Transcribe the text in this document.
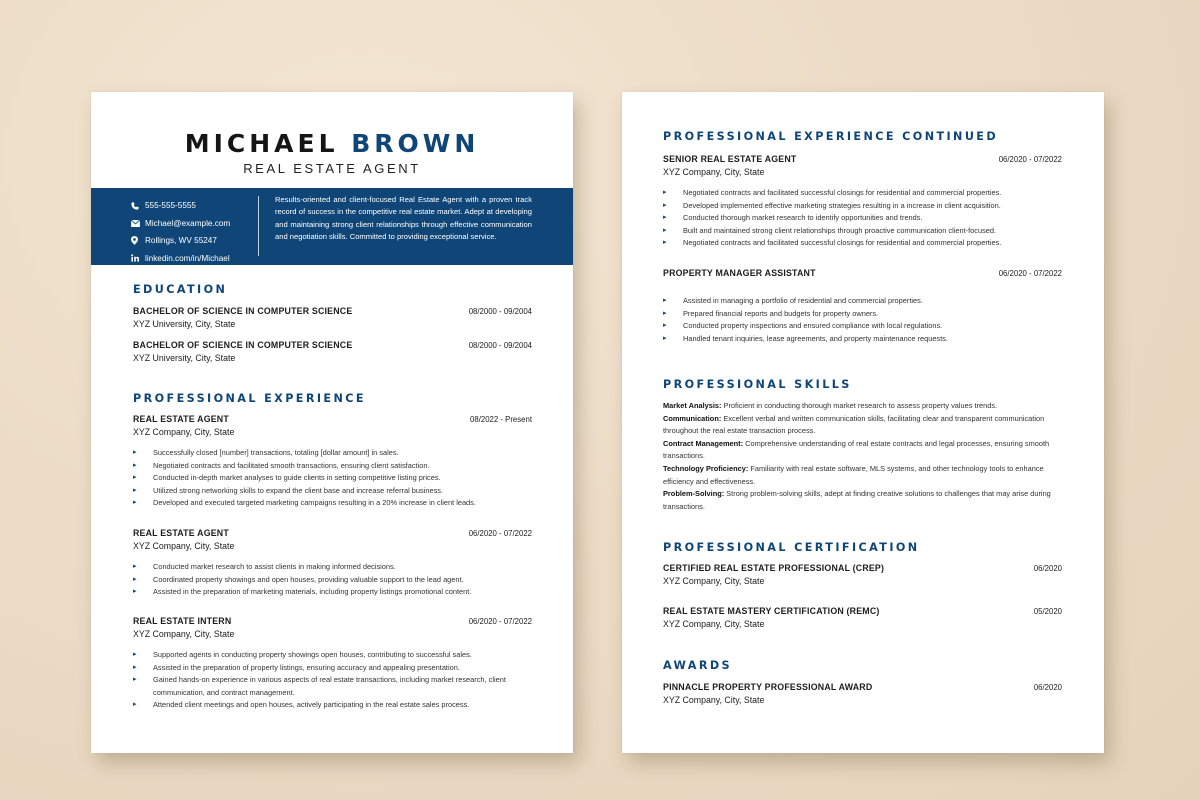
MICHAEL BROWN
REAL ESTATE AGENT
555-555-5555
Michael@example.com
Rollings, WV 55247
linkedin.com/in/Michael
Results-oriented and client-focused Real Estate Agent with a proven track record of success in the competitive real estate market. Adept at developing and maintaining strong client relationships through effective communication and negotiation skills. Committed to providing exceptional service.
EDUCATION
BACHELOR OF SCIENCE IN COMPUTER SCIENCE	08/2000 - 09/2004
XYZ University, City, State
BACHELOR OF SCIENCE IN COMPUTER SCIENCE	08/2000 - 09/2004
XYZ University, City, State
PROFESSIONAL EXPERIENCE
REAL ESTATE AGENT	08/2022 - Present
XYZ Company, City, State
▸ Successfully closed [number] transactions, totaling [dollar amount] in sales.
▸ Negotiated contracts and facilitated smooth transactions, ensuring client satisfaction.
▸ Conducted in-depth market analyses to guide clients in setting competitive listing prices.
▸ Utilized strong networking skills to expand the client base and increase referral business.
▸ Developed and executed targeted marketing campaigns resulting in a 20% increase in client leads.
REAL ESTATE AGENT	06/2020 - 07/2022
XYZ Company, City, State
▸ Conducted market research to assist clients in making informed decisions.
▸ Coordinated property showings and open houses, providing valuable support to the lead agent.
▸ Assisted in the preparation of marketing materials, including property listings promotional content.
REAL ESTATE INTERN	06/2020 - 07/2022
XYZ Company, City, State
▸ Supported agents in conducting property showings open houses, contributing to successful sales.
▸ Assisted in the preparation of property listings, ensuring accuracy and appealing presentation.
▸ Gained hands-on experience in various aspects of real estate transactions, including market research, client communication, and contract management.
▸ Attended client meetings and open houses, actively participating in the real estate sales process.
PROFESSIONAL EXPERIENCE CONTINUED
SENIOR REAL ESTATE AGENT	06/2020 - 07/2022
XYZ Company, City, State
▸ Negotiated contracts and facilitated successful closings for residential and commercial properties.
▸ Developed implemented effective marketing strategies resulting in a increase in client acquisition.
▸ Conducted thorough market research to identify opportunities and trends.
▸ Built and maintained strong client relationships through proactive communication client-focused.
▸ Negotiated contracts and facilitated successful closings for residential and commercial properties.
PROPERTY MANAGER ASSISTANT	06/2020 - 07/2022
▸ Assisted in managing a portfolio of residential and commercial properties.
▸ Prepared financial reports and budgets for property owners.
▸ Conducted property inspections and ensured compliance with local regulations.
▸ Handled tenant inquiries, lease agreements, and property maintenance requests.
PROFESSIONAL SKILLS

Market Analysis: Proficient in conducting thorough market research to assess property values trends.

Communication: Excellent verbal and written communication skills, facilitating clear and transparent communication throughout the real estate transaction process.

Contract Management: Comprehensive understanding of real estate contracts and legal processes, ensuring smooth transactions.

Technology Proficiency: Familiarity with real estate software, MLS systems, and other technology tools to enhance efficiency and effectiveness.

Problem-Solving: Strong problem-solving skills, adept at finding creative solutions to challenges that may arise during transactions.

PROFESSIONAL CERTIFICATION
CERTIFIED REAL ESTATE PROFESSIONAL (CREP)	06/2020
XYZ Company, City, State
REAL ESTATE MASTERY CERTIFICATION (REMC)	05/2020
XYZ Company, City, State
AWARDS
PINNACLE PROPERTY PROFESSIONAL AWARD	06/2020
XYZ Company, City, State
